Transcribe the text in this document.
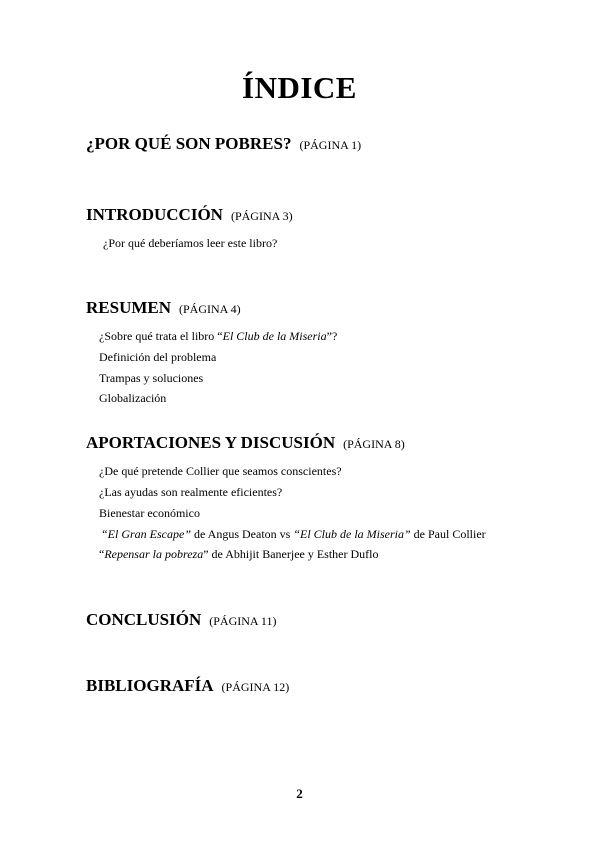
ÍNDICE
¿POR QUÉ SON POBRES? (PÁGINA 1)
INTRODUCCIÓN (PÁGINA 3)
¿Por qué deberíamos leer este libro?
RESUMEN (PÁGINA 4)
¿Sobre qué trata el libro “El Club de la Miseria”?
Definición del problema
Trampas y soluciones
Globalización
APORTACIONES Y DISCUSIÓN (PÁGINA 8)
¿De qué pretende Collier que seamos conscientes?
¿Las ayudas son realmente eficientes?
Bienestar económico
“El Gran Escape” de Angus Deaton vs “El Club de la Miseria” de Paul Collier
“Repensar la pobreza” de Abhijit Banerjee y Esther Duflo
CONCLUSIÓN (PÁGINA 11)
BIBLIOGRAFÍA (PÁGINA 12)
2
